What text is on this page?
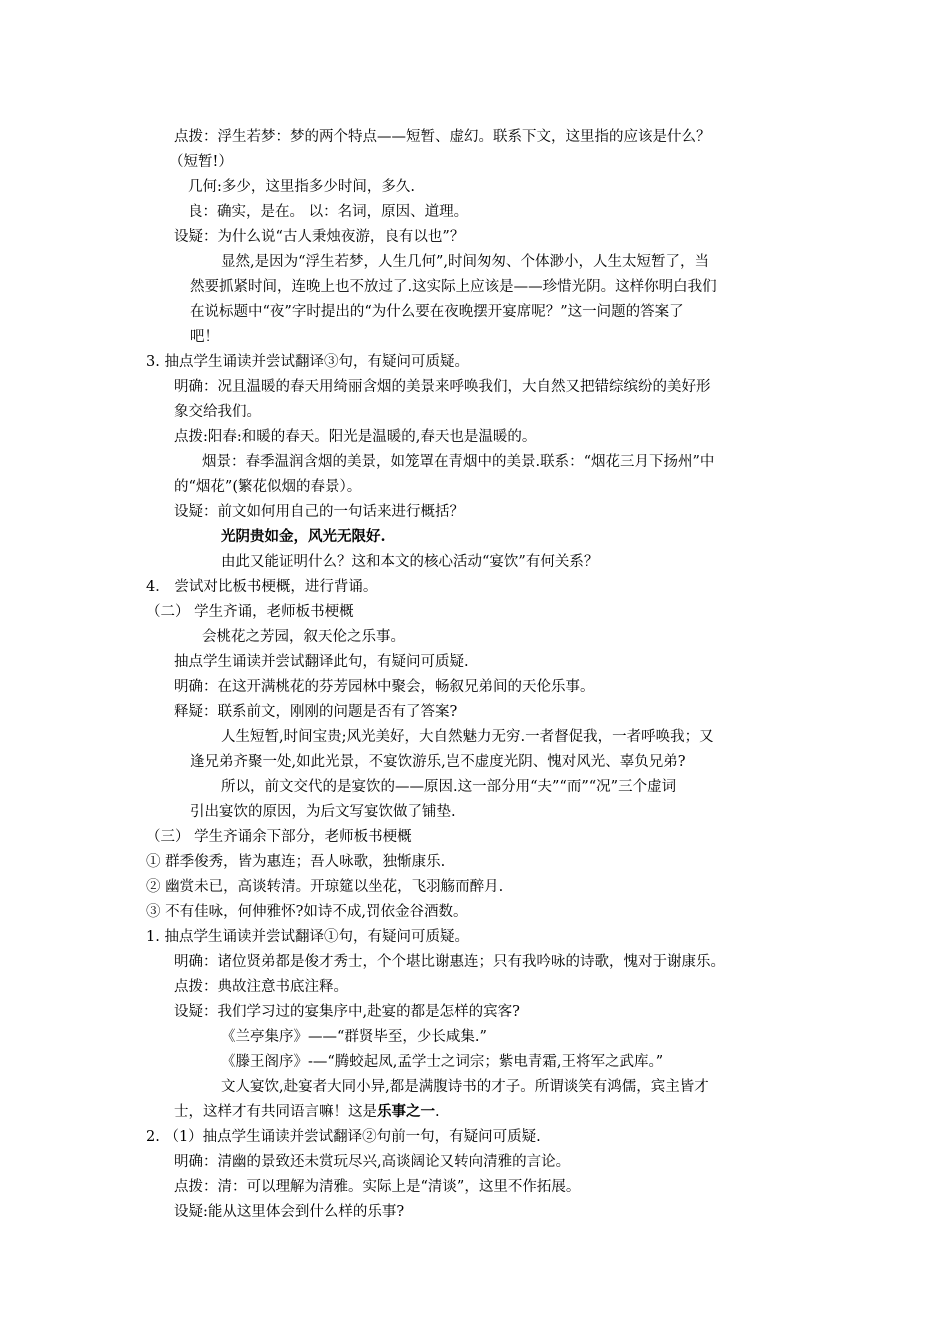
点拨：浮生若梦：梦的两个特点——短暂、虚幻。联系下文，这里指的应该是什么？
（短暂!）
几何:多少，这里指多少时间，多久.
良：确实，是在。 以：名词，原因、道理。
设疑：为什么说“古人秉烛夜游，良有以也”？
显然,是因为“浮生若梦，人生几何”,时间匆匆、个体渺小，人生太短暂了，当
然要抓紧时间，连晚上也不放过了.这实际上应该是——珍惜光阴。这样你明白我们
在说标题中“夜”字时提出的“为什么要在夜晚摆开宴席呢？”这一问题的答案了
吧！
3. 抽点学生诵读并尝试翻译③句，有疑问可质疑。
明确：况且温暖的春天用绮丽含烟的美景来呼唤我们，大自然又把错综缤纷的美好形
象交给我们。
点拨:阳春:和暖的春天。阳光是温暖的,春天也是温暖的。
烟景：春季温润含烟的美景，如笼罩在青烟中的美景.联系：“烟花三月下扬州”中
的“烟花”(繁花似烟的春景）。
设疑：前文如何用自己的一句话来进行概括？
光阴贵如金，风光无限好.
由此又能证明什么？这和本文的核心活动“宴饮”有何关系？
4． 尝试对比板书梗概，进行背诵。
（二） 学生齐诵，老师板书梗概
会桃花之芳园，叙天伦之乐事。
抽点学生诵读并尝试翻译此句，有疑问可质疑.
明确：在这开满桃花的芬芳园林中聚会，畅叙兄弟间的天伦乐事。
释疑：联系前文，刚刚的问题是否有了答案?
人生短暂,时间宝贵;风光美好，大自然魅力无穷.一者督促我，一者呼唤我；又
逢兄弟齐聚一处,如此光景，不宴饮游乐,岂不虚度光阴、愧对风光、辜负兄弟?
所以，前文交代的是宴饮的——原因.这一部分用“夫”“而”“况”三个虚词
引出宴饮的原因，为后文写宴饮做了铺垫.
（三） 学生齐诵余下部分，老师板书梗概
① 群季俊秀，皆为惠连；吾人咏歌，独惭康乐.
② 幽赏未已，高谈转清。开琼筵以坐花，飞羽觞而醉月.
③ 不有佳咏，何伸雅怀?如诗不成,罚依金谷酒数。
1. 抽点学生诵读并尝试翻译①句，有疑问可质疑。
明确：诸位贤弟都是俊才秀士，个个堪比谢惠连；只有我吟咏的诗歌，愧对于谢康乐。
点拨：典故注意书底注释。
设疑：我们学习过的宴集序中,赴宴的都是怎样的宾客?
《兰亭集序》——“群贤毕至，少长咸集.”
《滕王阁序》-—“腾蛟起凤,孟学士之词宗；紫电青霜,王将军之武库。”
文人宴饮,赴宴者大同小异,都是满腹诗书的才子。所谓谈笑有鸿儒，宾主皆才
士，这样才有共同语言嘛！这是乐事之一.
2. （1）抽点学生诵读并尝试翻译②句前一句，有疑问可质疑.
明确：清幽的景致还未赏玩尽兴,高谈阔论又转向清雅的言论。
点拨：清：可以理解为清雅。实际上是“清谈”，这里不作拓展。
设疑:能从这里体会到什么样的乐事?
